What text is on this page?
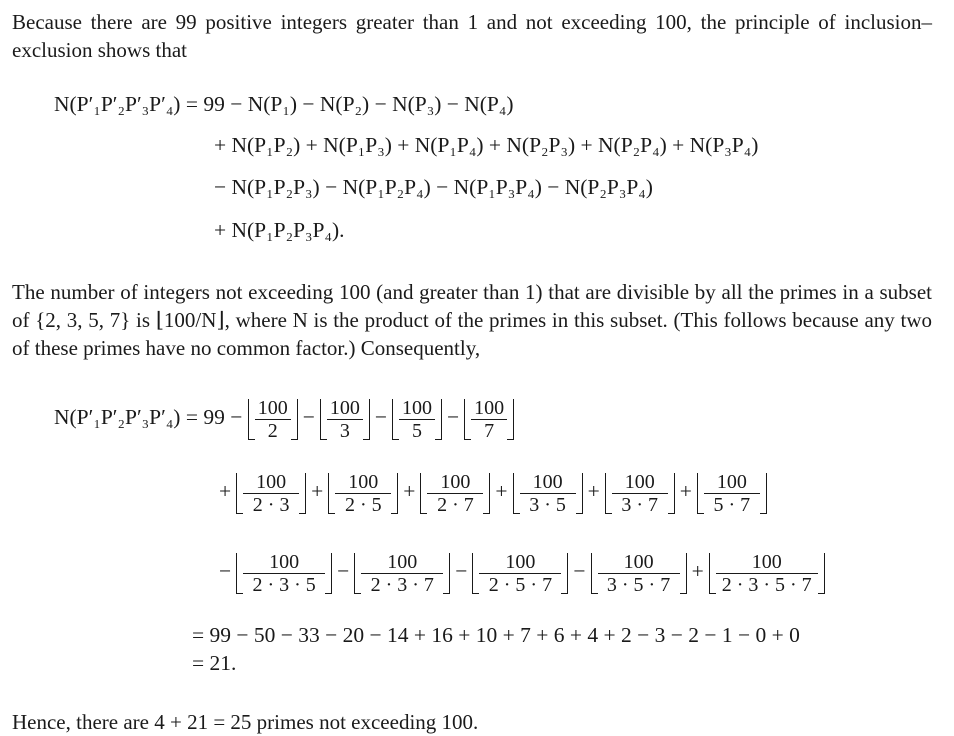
Because there are 99 positive integers greater than 1 and not exceeding 100, the principle of inclusion–exclusion shows that

N(P′₁P′₂P′₃P′₄) = 99 − N(P₁) − N(P₂) − N(P₃) − N(P₄)
+ N(P₁P₂) + N(P₁P₃) + N(P₁P₄) + N(P₂P₃) + N(P₂P₄) + N(P₃P₄)
− N(P₁P₂P₃) − N(P₁P₂P₄) − N(P₁P₃P₄) − N(P₂P₃P₄)
+ N(P₁P₂P₃P₄).

The number of integers not exceeding 100 (and greater than 1) that are divisible by all the primes in a subset of {2, 3, 5, 7} is ⌊100/N⌋, where N is the product of the primes in this subset. (This follows because any two of these primes have no common factor.) Consequently,

$N(P'_1P'_2P'_3P'_4) = 99 - \frac{100}{2} - \frac{100}{3} - \frac{100}{5} - \frac{100}{7}$
+ $\frac{100}{2 \cdot 3} + \frac{100}{2 \cdot 5} + \frac{100}{2 \cdot 7} + \frac{100}{3 \cdot 5} + \frac{100}{3 \cdot 7} + \frac{100}{5 \cdot 7}$
− $\frac{100}{2 \cdot 3 \cdot 5} - \frac{100}{2 \cdot 3 \cdot 7} - \frac{100}{2 \cdot 5 \cdot 7} - \frac{100}{3 \cdot 5 \cdot 7} + \frac{100}{2 \cdot 3 \cdot 5 \cdot 7}$
= 99 − 50 − 33 − 20 − 14 + 16 + 10 + 7 + 6 + 4 + 2 − 3 − 2 − 1 − 0 + 0
= 21.

Hence, there are 4 + 21 = 25 primes not exceeding 100.
